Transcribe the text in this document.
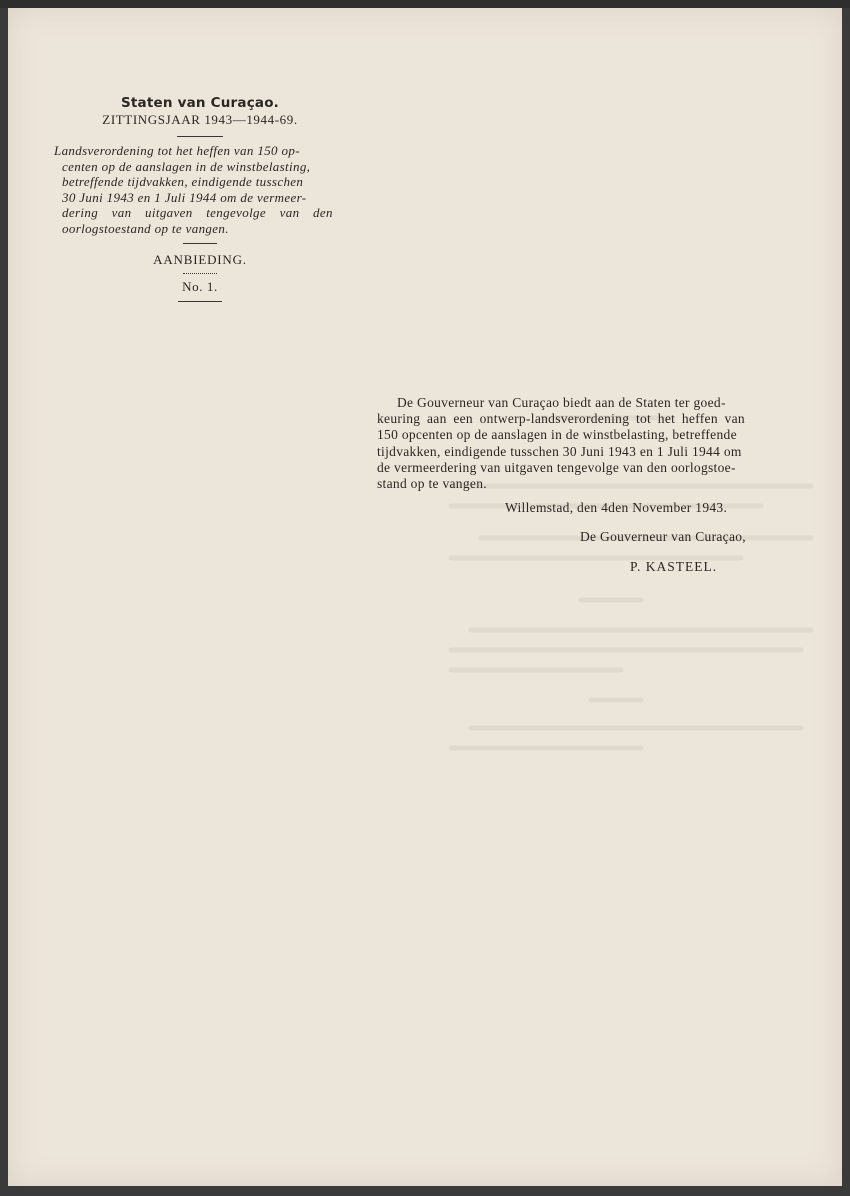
Staten van Curaçao.
ZITTINGSJAAR 1943—1944-69.
Landsverordening tot het heffen van 150 op-
centen op de aanslagen in de winstbelasting,
betreffende tijdvakken, eindigende tusschen
30 Juni 1943 en 1 Juli 1944 om de vermeer-
dering van uitgaven tengevolge van den
oorlogstoestand op te vangen.
AANBIEDING.
No. 1.
De Gouverneur van Curaçao biedt aan de Staten ter goed-
keuring aan een ontwerp-landsverordening tot het heffen van
150 opcenten op de aanslagen in de winstbelasting, betreffende
tijdvakken, eindigende tusschen 30 Juni 1943 en 1 Juli 1944 om
de vermeerdering van uitgaven tengevolge van den oorlogstoe-
stand op te vangen.
Willemstad, den 4den November 1943.
De Gouverneur van Curaçao,
P. KASTEEL.
